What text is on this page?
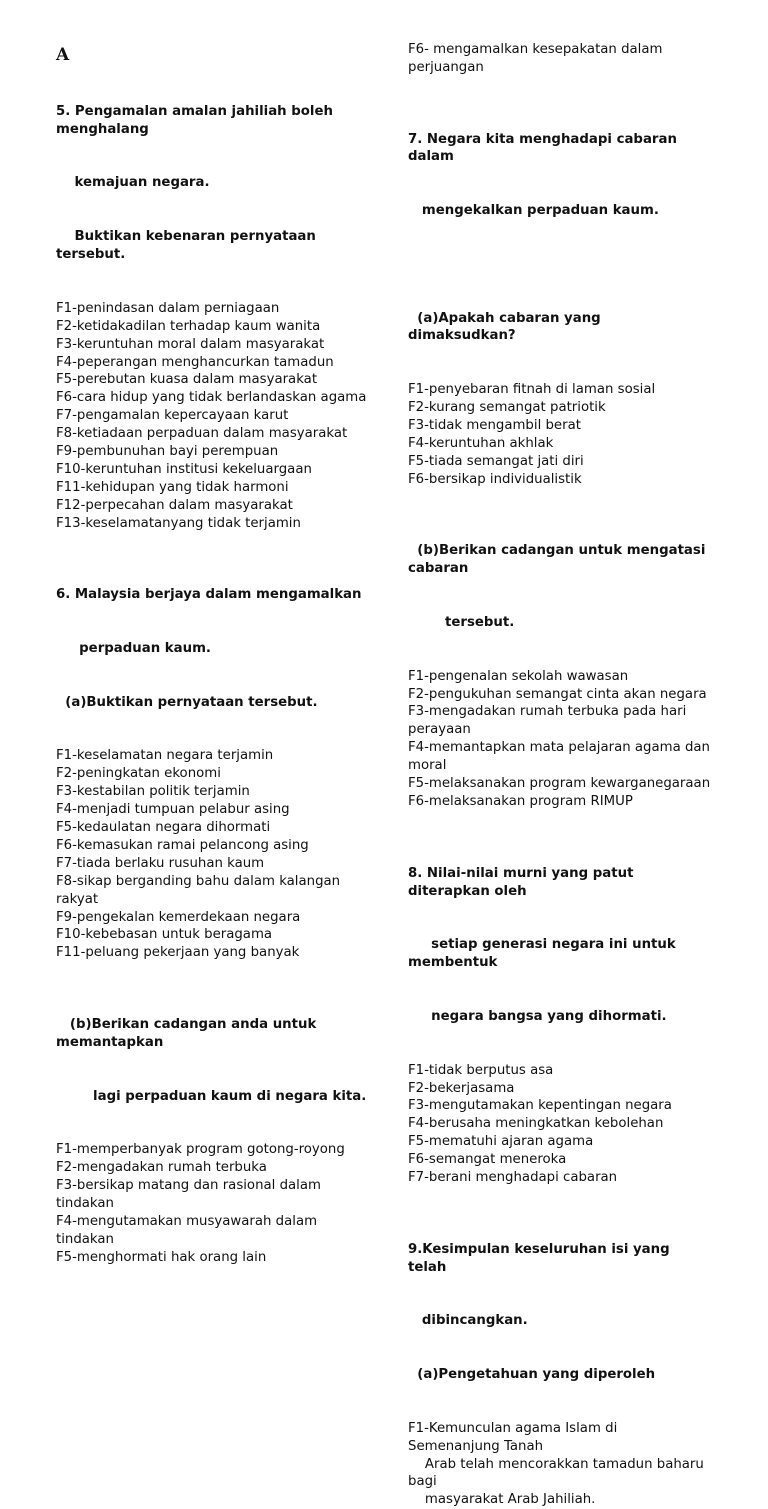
A

5. Pengamalan amalan jahiliah boleh menghalang

kemajuan negara.

Buktikan kebenaran pernyataan tersebut.

F1-penindasan dalam perniagaan
F2-ketidakadilan terhadap kaum wanita
F3-keruntuhan moral dalam masyarakat
F4-peperangan menghancurkan tamadun
F5-perebutan kuasa dalam masyarakat
F6-cara hidup yang tidak berlandaskan agama
F7-pengamalan kepercayaan karut
F8-ketiadaan perpaduan dalam masyarakat
F9-pembunuhan bayi perempuan
F10-keruntuhan institusi kekeluargaan
F11-kehidupan yang tidak harmoni
F12-perpecahan dalam masyarakat
F13-keselamatanyang tidak terjamin

6. Malaysia berjaya dalam mengamalkan

perpaduan kaum.

(a)Buktikan pernyataan tersebut.

F1-keselamatan negara terjamin
F2-peningkatan ekonomi
F3-kestabilan politik terjamin
F4-menjadi tumpuan pelabur asing
F5-kedaulatan negara dihormati
F6-kemasukan ramai pelancong asing
F7-tiada berlaku rusuhan kaum
F8-sikap berganding bahu dalam kalangan rakyat
F9-pengekalan kemerdekaan negara
F10-kebebasan untuk beragama
F11-peluang pekerjaan yang banyak

(b)Berikan cadangan anda untuk memantapkan

lagi perpaduan kaum di negara kita.

F1-memperbanyak program gotong-royong
F2-mengadakan rumah terbuka
F3-bersikap matang dan rasional dalam tindakan
F4-mengutamakan musyawarah dalam tindakan
F5-menghormati hak orang lain
F6- mengamalkan kesepakatan dalam perjuangan

7. Negara kita menghadapi cabaran dalam

mengekalkan perpaduan kaum.

(a)Apakah cabaran yang dimaksudkan?

F1-penyebaran fitnah di laman sosial
F2-kurang semangat patriotik
F3-tidak mengambil berat
F4-keruntuhan akhlak
F5-tiada semangat jati diri
F6-bersikap individualistik

(b)Berikan cadangan untuk mengatasi cabaran

tersebut.

F1-pengenalan sekolah wawasan
F2-pengukuhan semangat cinta akan negara
F3-mengadakan rumah terbuka pada hari perayaan
F4-memantapkan mata pelajaran agama dan moral
F5-melaksanakan program kewarganegaraan
F6-melaksanakan program RIMUP

8. Nilai-nilai murni yang patut diterapkan oleh

setiap generasi negara ini untuk membentuk

negara bangsa yang dihormati.

F1-tidak berputus asa
F2-bekerjasama
F3-mengutamakan kepentingan negara
F4-berusaha meningkatkan kebolehan
F5-mematuhi ajaran agama
F6-semangat meneroka
F7-berani menghadapi cabaran

9.Kesimpulan keseluruhan isi yang telah

dibincangkan.

(a)Pengetahuan yang diperoleh

F1-Kemunculan agama Islam di Semenanjung Tanah
Arab telah mencorakkan tamadun baharu bagi
masyarakat Arab Jahiliah.
